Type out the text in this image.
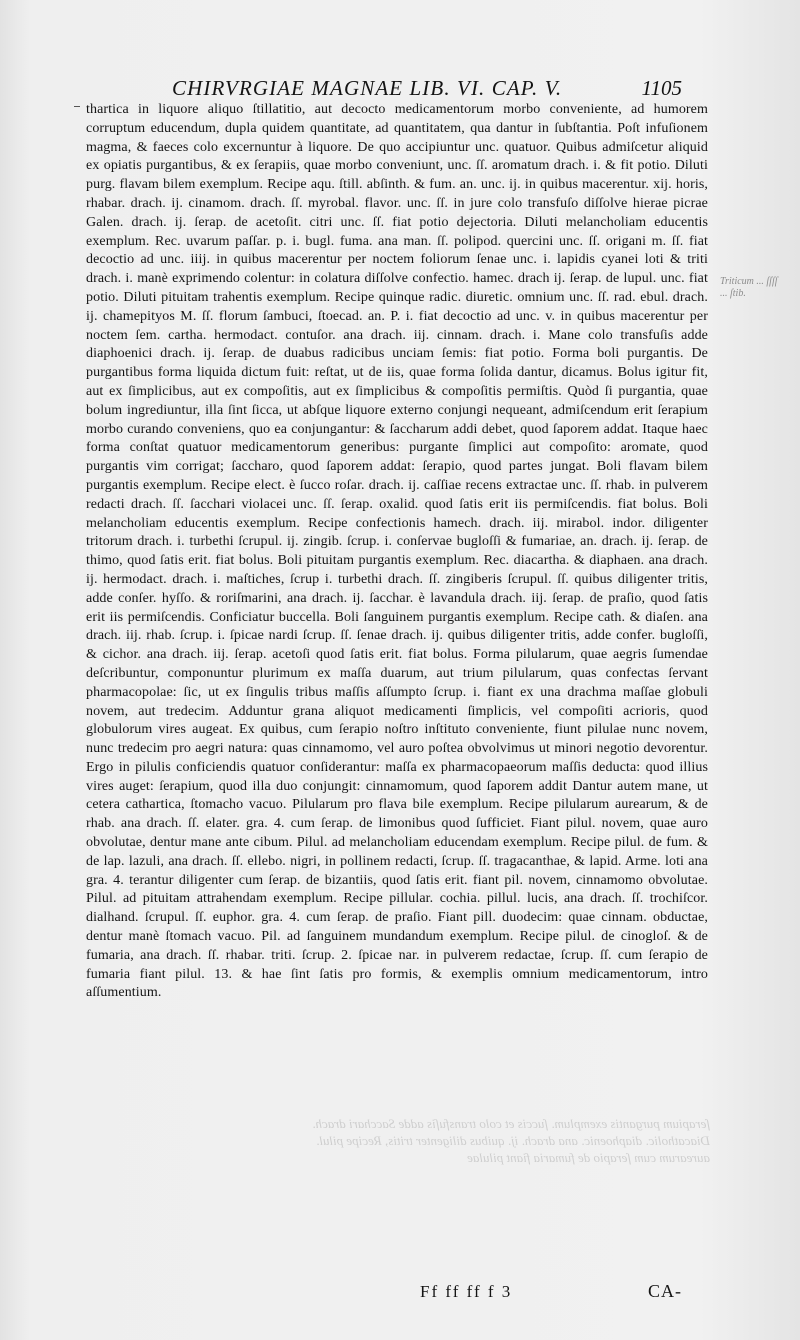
CHIRVRGIAE MAGNAE LIB. VI. CAP. V.	1105

thartica in liquore aliquo ſtillatitio, aut decocto medicamentorum morbo conveniente, ad humorem corruptum educendum, dupla quidem quantitate, ad quantitatem, qua dantur in ſubſtantia. Poſt infuſionem magma, & faeces colo excernuntur à liquore. De quo accipiuntur unc. quatuor. Quibus admiſcetur aliquid ex opiatis purgantibus, & ex ſerapiis, quae morbo conveniunt, unc. ſſ. aromatum drach. i. & fit potio. Diluti purg. flavam bilem exemplum. Recipe aqu. ſtill. abſinth. & fum. an. unc. ij. in quibus macerentur. xij. horis, rhabar. drach. ij. cinamom. drach. ſſ. myrobal. flavor. unc. ſſ. in jure colo transfuſo diſſolve hierae picrae Galen. drach. ij. ſerap. de acetoſit. citri unc. ſſ. fiat potio dejectoria. Diluti melancholiam educentis exemplum. Rec. uvarum paſſar. p. i. bugl. fuma. ana man. ſſ. polipod. quercini unc. ſſ. origani m. ſſ. fiat decoctio ad unc. iiij. in quibus macerentur per noctem foliorum ſenae unc. i. lapidis cyanei loti & triti drach. i. manè exprimendo colentur: in colatura diſſolve confectio. hamec. drach ij. ſerap. de lupul. unc. fiat potio. Diluti pituitam trahentis exemplum. Recipe quinque radic. diuretic. omnium unc. ſſ. rad. ebul. drach. ij. chamepityos M. ſſ. florum ſambuci, ſtoecad. an. P. i. fiat decoctio ad unc. v. in quibus macerentur per noctem ſem. cartha. hermodact. contuſor. ana drach. iij. cinnam. drach. i. Mane colo transfuſis adde diaphoenici drach. ij. ſerap. de duabus radicibus unciam ſemis: fiat potio. Forma boli purgantis. De purgantibus forma liquida dictum fuit: reſtat, ut de iis, quae forma ſolida dantur, dicamus. Bolus igitur fit, aut ex ſimplicibus, aut ex compoſitis, aut ex ſimplicibus & compoſitis permiſtis. Quòd ſi purgantia, quae bolum ingrediuntur, illa ſint ſicca, ut abſque liquore externo conjungi nequeant, admiſcendum erit ſerapium morbo curando conveniens, quo ea conjungantur: & ſaccharum addi debet, quod ſaporem addat. Itaque haec forma conſtat quatuor medicamentorum generibus: purgante ſimplici aut compoſito: aromate, quod purgantis vim corrigat; ſaccharo, quod ſaporem addat: ſerapio, quod partes jungat. Boli flavam bilem purgantis exemplum. Recipe elect. è ſucco roſar. drach. ij. caſſiae recens extractae unc. ſſ. rhab. in pulverem redacti drach. ſſ. ſacchari violacei unc. ſſ. ſerap. oxalid. quod ſatis erit iis permiſcendis. fiat bolus. Boli melancholiam educentis exemplum. Recipe confectionis hamech. drach. iij. mirabol. indor. diligenter tritorum drach. i. turbethi ſcrupul. ij. zingib. ſcrup. i. conſervae bugloſſi & fumariae, an. drach. ij. ſerap. de thimo, quod ſatis erit. fiat bolus. Boli pituitam purgantis exemplum. Rec. diacartha. & diaphaen. ana drach. ij. hermodact. drach. i. maſtiches, ſcrup i. turbethi drach. ſſ. zingiberis ſcrupul. ſſ. quibus diligenter tritis, adde conſer. hyſſo. & roriſmarini, ana drach. ij. ſacchar. è lavandula drach. iij. ſerap. de praſio, quod ſatis erit iis permiſcendis. Conficiatur buccella. Boli ſanguinem purgantis exemplum. Recipe cath. & diaſen. ana drach. iij. rhab. ſcrup. i. ſpicae nardi ſcrup. ſſ. ſenae drach. ij. quibus diligenter tritis, adde confer. bugloſſi, & cichor. ana drach. iij. ſerap. acetoſi quod ſatis erit. fiat bolus. Forma pilularum, quae aegris ſumendae deſcribuntur, componuntur plurimum ex maſſa duarum, aut trium pilularum, quas confectas ſervant pharmacopolae: ſic, ut ex ſingulis tribus maſſis aſſumpto ſcrup. i. fiant ex una drachma maſſae globuli novem, aut tredecim. Adduntur grana aliquot medicamenti ſimplicis, vel compoſiti acrioris, quod globulorum vires augeat. Ex quibus, cum ſerapio noſtro inſtituto conveniente, fiunt pilulae nunc novem, nunc tredecim pro aegri natura: quas cinnamomo, vel auro poſtea obvolvimus ut minori negotio devorentur. Ergo in pilulis conficiendis quatuor conſiderantur: maſſa ex pharmacopaeorum maſſis deducta: quod illius vires auget: ſerapium, quod illa duo conjungit: cinnamomum, quod ſaporem addit Dantur autem mane, ut cetera cathartica, ſtomacho vacuo. Pilularum pro flava bile exemplum. Recipe pilularum aurearum, & de rhab. ana drach. ſſ. elater. gra. 4. cum ſerap. de limonibus quod ſufficiet. Fiant pilul. novem, quae auro obvolutae, dentur mane ante cibum. Pilul. ad melancholiam educendam exemplum. Recipe pilul. de fum. & de lap. lazuli, ana drach. ſſ. ellebo. nigri, in pollinem redacti, ſcrup. ſſ. tragacanthae, & lapid. Arme. loti ana gra. 4. terantur diligenter cum ſerap. de bizantiis, quod ſatis erit. fiant pil. novem, cinnamomo obvolutae. Pilul. ad pituitam attrahendam exemplum. Recipe pillular. cochia. pillul. lucis, ana drach. ſſ. trochiſcor. dialhand. ſcrupul. ſſ. euphor. gra. 4. cum ſerap. de praſio. Fiant pill. duodecim: quae cinnam. obductae, dentur manè ſtomach vacuo. Pil. ad ſanguinem mundandum exemplum. Recipe pilul. de cinogloſ. & de fumaria, ana drach. ſſ. rhabar. triti. ſcrup. 2. ſpicae nar. in pulverem redactae, ſcrup. ſſ. cum ſerapio de fumaria fiant pilul. 13. & hae ſint ſatis pro formis, & exemplis omnium medicamentorum, intro aſſumentium.

Triticum ... ſſſſ ... ſtib.
ſerapium purgantis exemplum. ſuccis et colo transfuſis adde Sacchari drach. Diacatholic. diaphoenic. ana drach. ij. quibus diligenter tritis, Recipe pilul. aurearum cum ſerapio de fumaria fiant pilulae
Ff ff ff f 3	CA-
